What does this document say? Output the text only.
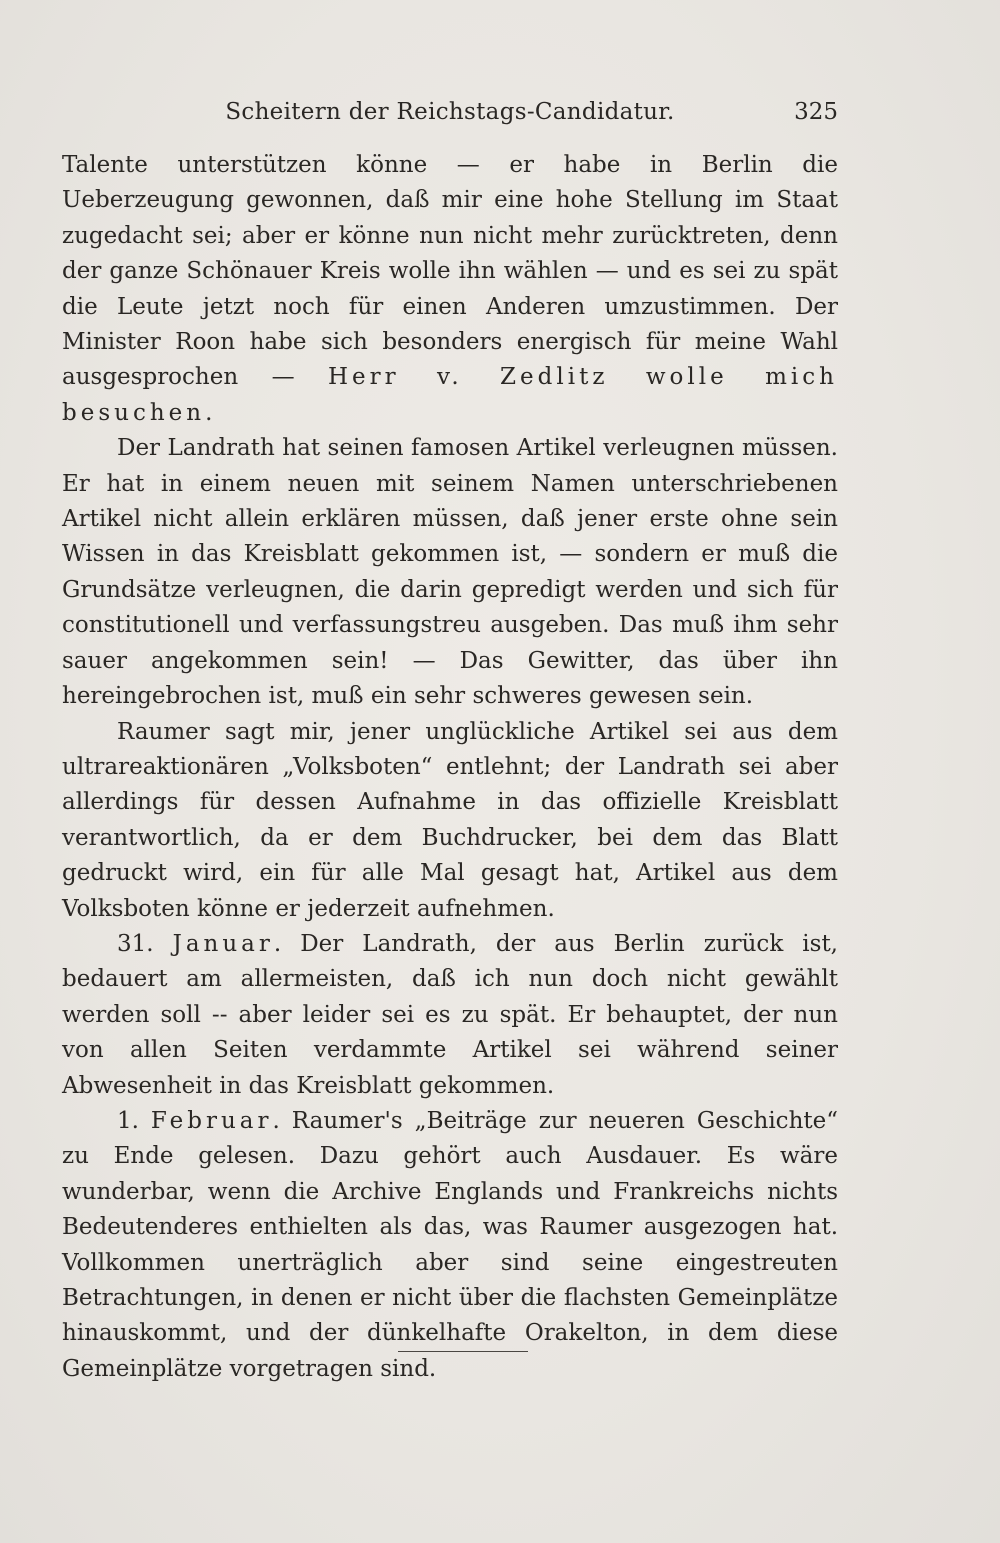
Scheitern der Reichstags-Candidatur.	325

Talente unterstützen könne — er habe in Berlin die Ueberzeugung gewonnen, daß mir eine hohe Stellung im Staat zugedacht sei; aber er könne nun nicht mehr zurücktreten, denn der ganze Schönauer Kreis wolle ihn wählen — und es sei zu spät die Leute jetzt noch für einen Anderen umzustimmen. Der Minister Roon habe sich besonders energisch für meine Wahl ausgesprochen — Herr v. Zedlitz wolle mich besuchen.

Der Landrath hat seinen famosen Artikel verleugnen müssen. Er hat in einem neuen mit seinem Namen unterschriebenen Artikel nicht allein erklären müssen, daß jener erste ohne sein Wissen in das Kreisblatt gekommen ist, — sondern er muß die Grundsätze verleugnen, die darin gepredigt werden und sich für constitutionell und verfassungstreu ausgeben. Das muß ihm sehr sauer angekommen sein! — Das Gewitter, das über ihn hereingebrochen ist, muß ein sehr schweres gewesen sein.

Raumer sagt mir, jener unglückliche Artikel sei aus dem ultrareaktionären „Volksboten“ entlehnt; der Landrath sei aber allerdings für dessen Aufnahme in das offizielle Kreisblatt verantwortlich, da er dem Buchdrucker, bei dem das Blatt gedruckt wird, ein für alle Mal gesagt hat, Artikel aus dem Volksboten könne er jederzeit aufnehmen.

31. Januar. Der Landrath, der aus Berlin zurück ist, bedauert am allermeisten, daß ich nun doch nicht gewählt werden soll -- aber leider sei es zu spät. Er behauptet, der nun von allen Seiten verdammte Artikel sei während seiner Abwesenheit in das Kreisblatt gekommen.

1. Februar. Raumer's „Beiträge zur neueren Geschichte“ zu Ende gelesen. Dazu gehört auch Ausdauer. Es wäre wunderbar, wenn die Archive Englands und Frankreichs nichts Bedeutenderes enthielten als das, was Raumer ausgezogen hat. Vollkommen unerträglich aber sind seine eingestreuten Betrachtungen, in denen er nicht über die flachsten Gemeinplätze hinauskommt, und der dünkelhafte Orakelton, in dem diese Gemeinplätze vorgetragen sind.
